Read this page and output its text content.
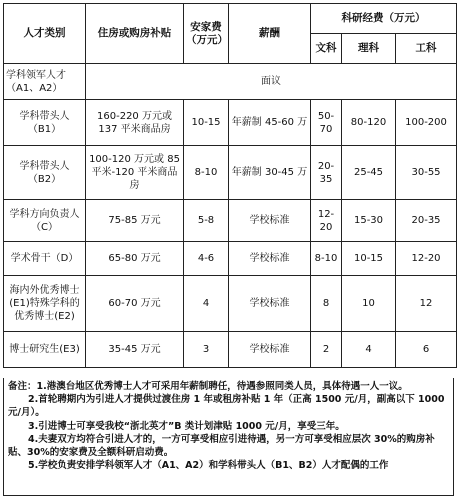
人才类别	住房或购房补贴	安家费（万元）	薪酬	科研经费（万元）		
				文科	理科	工科
学科领军人才（A1、A2）	面议					
学科带头人（B1）	160-220 万元或 137 平米商品房	10-15	年薪制 45-60 万	50-70	80-120	100-200
学科带头人（B2）	100-120 万元或 85 平米-120 平米商品房	8-10	年薪制 30-45 万	20-35	25-45	30-55
学科方向负责人（C）	75-85 万元	5-8	学校标准	12-20	15-30	20-35
学术骨干（D）	65-80 万元	4-6	学校标准	8-10	10-15	12-20
海内外优秀博士(E1)特殊学科的优秀博士(E2)	60-70 万元	4	学校标准	8	10	12
博士研究生(E3)	35-45 万元	3	学校标准	2	4	6

备注：1.港澳台地区优秀博士人才可采用年薪制聘任，待遇参照同类人员，具体待遇一人一议。

2.首轮聘期内为引进人才提供过渡住房 1 年或租房补贴 1 年（正高 1500 元/月，副高以下 1000 元/月）。

3.引进博士可享受我校“浙北英才”B 类计划津贴 1000 元/月，享受三年。

4.夫妻双方均符合引进人才的，一方可享受相应引进待遇，另一方可享受相应层次 30%的购房补贴、30%的安家费及全额科研启动费。

5.学校负责安排学科领军人才（A1、A2）和学科带头人（B1、B2）人才配偶的工作
